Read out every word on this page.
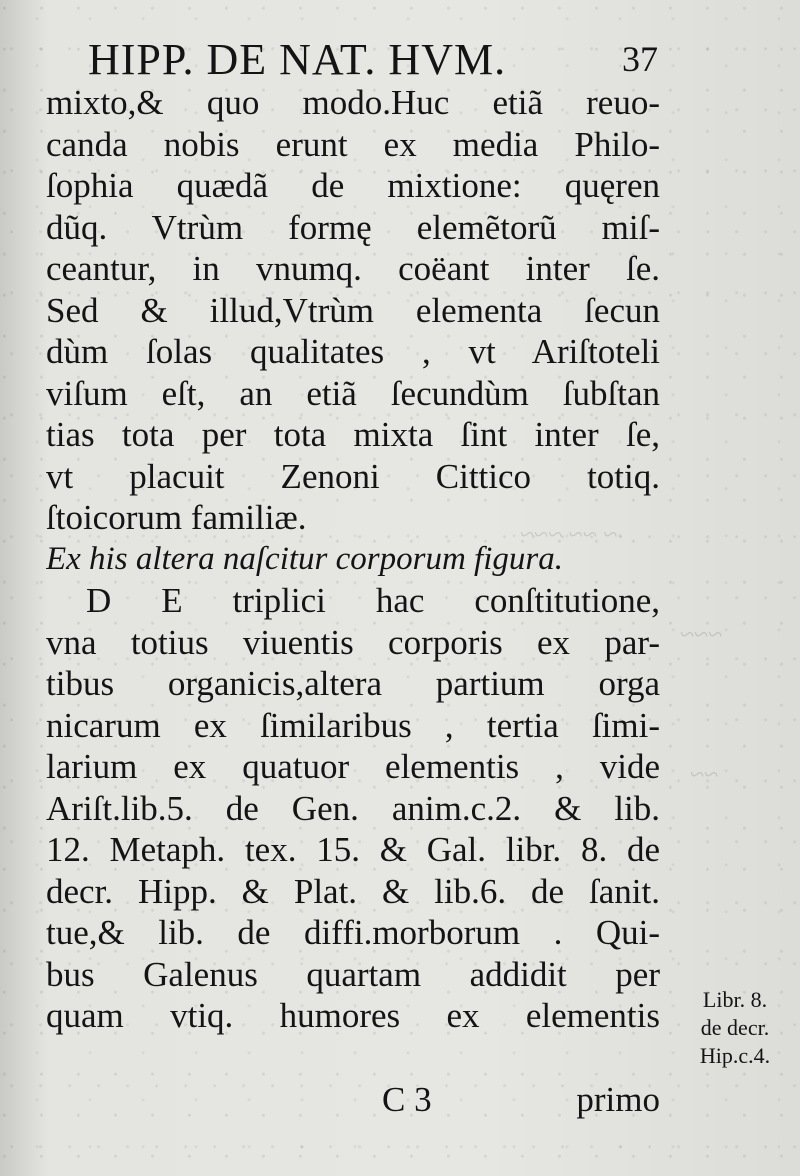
~ ~~ ~~~
~~~
~~
HIPP. DE NAT. HVM.	37
mixto,& quo modo.Huc etiã reuo-
canda nobis erunt ex media Philo-
ſophia quædã de mixtione: quęren
dũq. Vtrùm formę elemẽtorũ miſ-
ceantur, in vnumq. coëant inter ſe.
Sed & illud,Vtrùm elementa ſecun
dùm ſolas qualitates , vt Ariſtoteli
viſum eſt, an etiã ſecundùm ſubſtan
tias tota per tota mixta ſint inter ſe,
vt placuit Zenoni Cittico totiq.
ſtoicorum familiæ.
Ex his altera naſcitur corporum figura.
D E triplici hac conſtitutione,
vna totius viuentis corporis ex par-
tibus organicis,altera partium orga
nicarum ex ſimilaribus , tertia ſimi-
larium ex quatuor elementis , vide
Ariſt.lib.5. de Gen. anim.c.2. & lib.
12. Metaph. tex. 15. & Gal. libr. 8. de
decr. Hipp. & Plat. & lib.6. de ſanit.
tue,& lib. de diffi.morborum . Qui-
bus Galenus quartam addidit per
quam vtiq. humores ex elementis	Libr. 8.
de decr.
Hip.c.4.
C 3	primo
